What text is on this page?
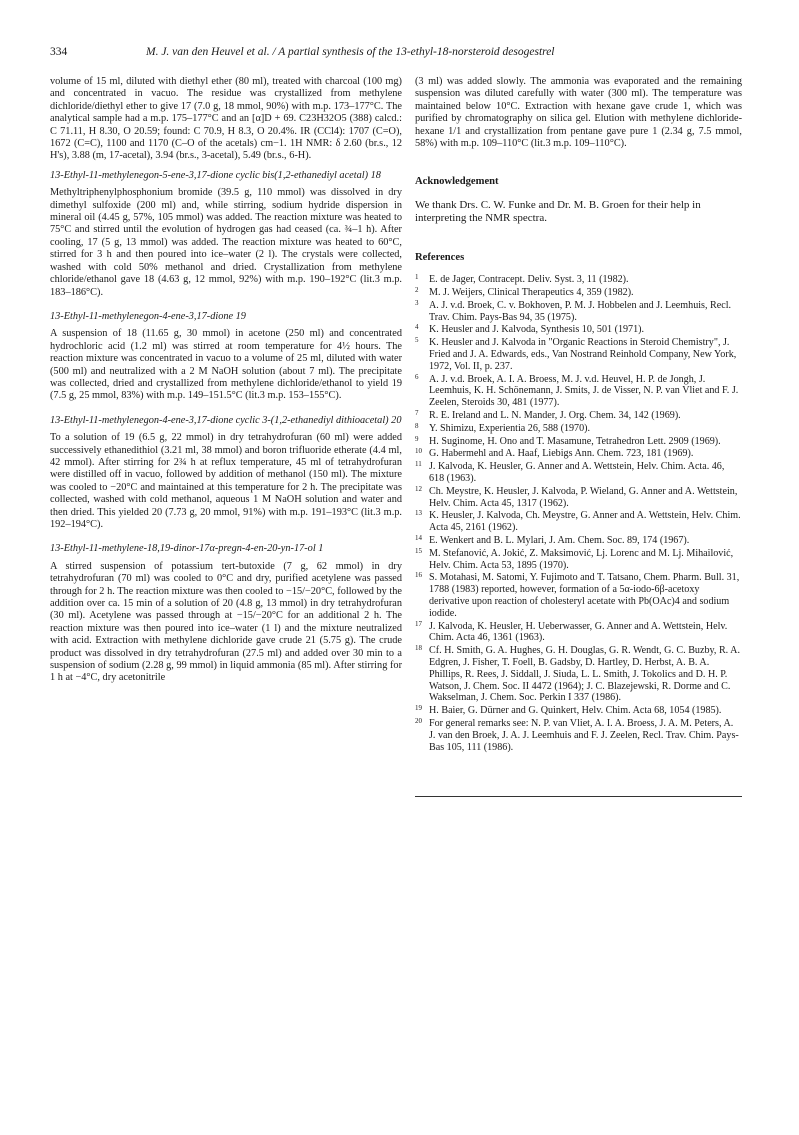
334	M. J. van den Heuvel et al. / A partial synthesis of the 13-ethyl-18-norsteroid desogestrel

volume of 15 ml, diluted with diethyl ether (80 ml), treated with charcoal (100 mg) and concentrated in vacuo. The residue was crystallized from methylene dichloride/diethyl ether to give 17 (7.0 g, 18 mmol, 90%) with m.p. 173–177°C. The analytical sample had a m.p. 175–177°C and an [α]D + 69. C23H32O5 (388) calcd.: C 71.11, H 8.30, O 20.59; found: C 70.9, H 8.3, O 20.4%. IR (CCl4): 1707 (C=O), 1672 (C=C), 1100 and 1170 (C–O of the acetals) cm−1. 1H NMR: δ 2.60 (br.s., 12 H's), 3.88 (m, 17-acetal), 3.94 (br.s., 3-acetal), 5.49 (br.s., 6-H).

13-Ethyl-11-methylenegon-5-ene-3,17-dione cyclic bis(1,2-ethanediyl acetal) 18

Methyltriphenylphosphonium bromide (39.5 g, 110 mmol) was dissolved in dry dimethyl sulfoxide (200 ml) and, while stirring, sodium hydride dispersion in mineral oil (4.45 g, 57%, 105 mmol) was added. The reaction mixture was heated to 75°C and stirred until the evolution of hydrogen gas had ceased (ca. ¾–1 h). After cooling, 17 (5 g, 13 mmol) was added. The reaction mixture was heated to 60°C, stirred for 3 h and then poured into ice–water (2 l). The crystals were collected, washed with cold 50% methanol and dried. Crystallization from methylene chloride/ethanol gave 18 (4.63 g, 12 mmol, 92%) with m.p. 190–192°C (lit.3 m.p. 183–186°C).

13-Ethyl-11-methylenegon-4-ene-3,17-dione 19

A suspension of 18 (11.65 g, 30 mmol) in acetone (250 ml) and concentrated hydrochloric acid (1.2 ml) was stirred at room temperature for 4½ hours. The reaction mixture was concentrated in vacuo to a volume of 25 ml, diluted with water (500 ml) and neutralized with a 2 M NaOH solution (about 7 ml). The precipitate was collected, dried and crystallized from methylene dichloride/ethanol to yield 19 (7.5 g, 25 mmol, 83%) with m.p. 149–151.5°C (lit.3 m.p. 153–155°C).

13-Ethyl-11-methylenegon-4-ene-3,17-dione cyclic 3-(1,2-ethanediyl dithioacetal) 20

To a solution of 19 (6.5 g, 22 mmol) in dry tetrahydrofuran (60 ml) were added successively ethanedithiol (3.21 ml, 38 mmol) and boron trifluoride etherate (4.4 ml, 42 mmol). After stirring for 2¾ h at reflux temperature, 45 ml of tetrahydrofuran were distilled off in vacuo, followed by addition of methanol (150 ml). The mixture was cooled to −20°C and maintained at this temperature for 2 h. The precipitate was collected, washed with cold methanol, aqueous 1 M NaOH solution and water and then dried. This yielded 20 (7.73 g, 20 mmol, 91%) with m.p. 191–193°C (lit.3 m.p. 192–194°C).

13-Ethyl-11-methylene-18,19-dinor-17α-pregn-4-en-20-yn-17-ol 1

A stirred suspension of potassium tert-butoxide (7 g, 62 mmol) in dry tetrahydrofuran (70 ml) was cooled to 0°C and dry, purified acetylene was passed through for 2 h. The reaction mixture was then cooled to −15/−20°C, followed by the addition over ca. 15 min of a solution of 20 (4.8 g, 13 mmol) in dry tetrahydrofuran (30 ml). Acetylene was passed through at −15/−20°C for an additional 2 h. The reaction mixture was then poured into ice–water (1 l) and the mixture neutralized with acid. Extraction with methylene dichloride gave crude 21 (5.75 g). The crude product was dissolved in dry tetrahydrofuran (27.5 ml) and added over 30 min to a suspension of sodium (2.28 g, 99 mmol) in liquid ammonia (85 ml). After stirring for 1 h at −4°C, dry acetonitrile

(3 ml) was added slowly. The ammonia was evaporated and the remaining suspension was diluted carefully with water (300 ml). The temperature was maintained below 10°C. Extraction with hexane gave crude 1, which was purified by chromatography on silica gel. Elution with methylene dichloride-hexane 1/1 and crystallization from pentane gave pure 1 (2.34 g, 7.5 mmol, 58%) with m.p. 109–110°C (lit.3 m.p. 109–110°C).

Acknowledgement

We thank Drs. C. W. Funke and Dr. M. B. Groen for their help in interpreting the NMR spectra.

References
1 E. de Jager, Contracept. Deliv. Syst. 3, 11 (1982).
2 M. J. Weijers, Clinical Therapeutics 4, 359 (1982).
3 A. J. v.d. Broek, C. v. Bokhoven, P. M. J. Hobbelen and J. Leemhuis, Recl. Trav. Chim. Pays-Bas 94, 35 (1975).
4 K. Heusler and J. Kalvoda, Synthesis 10, 501 (1971).
5 K. Heusler and J. Kalvoda in "Organic Reactions in Steroid Chemistry", J. Fried and J. A. Edwards, eds., Van Nostrand Reinhold Company, New York, 1972, Vol. II, p. 237.
6 A. J. v.d. Broek, A. I. A. Broess, M. J. v.d. Heuvel, H. P. de Jongh, J. Leemhuis, K. H. Schönemann, J. Smits, J. de Visser, N. P. van Vliet and F. J. Zeelen, Steroids 30, 481 (1977).
7 R. E. Ireland and L. N. Mander, J. Org. Chem. 34, 142 (1969).
8 Y. Shimizu, Experientia 26, 588 (1970).
9 H. Suginome, H. Ono and T. Masamune, Tetrahedron Lett. 2909 (1969).
10 G. Habermehl and A. Haaf, Liebigs Ann. Chem. 723, 181 (1969).
11 J. Kalvoda, K. Heusler, G. Anner and A. Wettstein, Helv. Chim. Acta. 46, 618 (1963).
12 Ch. Meystre, K. Heusler, J. Kalvoda, P. Wieland, G. Anner and A. Wettstein, Helv. Chim. Acta 45, 1317 (1962).
13 K. Heusler, J. Kalvoda, Ch. Meystre, G. Anner and A. Wettstein, Helv. Chim. Acta 45, 2161 (1962).
14 E. Wenkert and B. L. Mylari, J. Am. Chem. Soc. 89, 174 (1967).
15 M. Stefanović, A. Jokić, Z. Maksimović, Lj. Lorenc and M. Lj. Mihailović, Helv. Chim. Acta 53, 1895 (1970).
16 S. Motahasi, M. Satomi, Y. Fujimoto and T. Tatsano, Chem. Pharm. Bull. 31, 1788 (1983) reported, however, formation of a 5α-iodo-6β-acetoxy derivative upon reaction of cholesteryl acetate with Pb(OAc)4 and sodium iodide.
17 J. Kalvoda, K. Heusler, H. Ueberwasser, G. Anner and A. Wettstein, Helv. Chim. Acta 46, 1361 (1963).
18 Cf. H. Smith, G. A. Hughes, G. H. Douglas, G. R. Wendt, G. C. Buzby, R. A. Edgren, J. Fisher, T. Foell, B. Gadsby, D. Hartley, D. Herbst, A. B. A. Phillips, R. Rees, J. Siddall, J. Siuda, L. L. Smith, J. Tokolics and D. H. P. Watson, J. Chem. Soc. II 4472 (1964); J. C. Blazejewski, R. Dorme and C. Wakselman, J. Chem. Soc. Perkin I 337 (1986).
19 H. Baier, G. Dürner and G. Quinkert, Helv. Chim. Acta 68, 1054 (1985).
20 For general remarks see: N. P. van Vliet, A. I. A. Broess, J. A. M. Peters, A. J. van den Broek, J. A. J. Leemhuis and F. J. Zeelen, Recl. Trav. Chim. Pays-Bas 105, 111 (1986).
